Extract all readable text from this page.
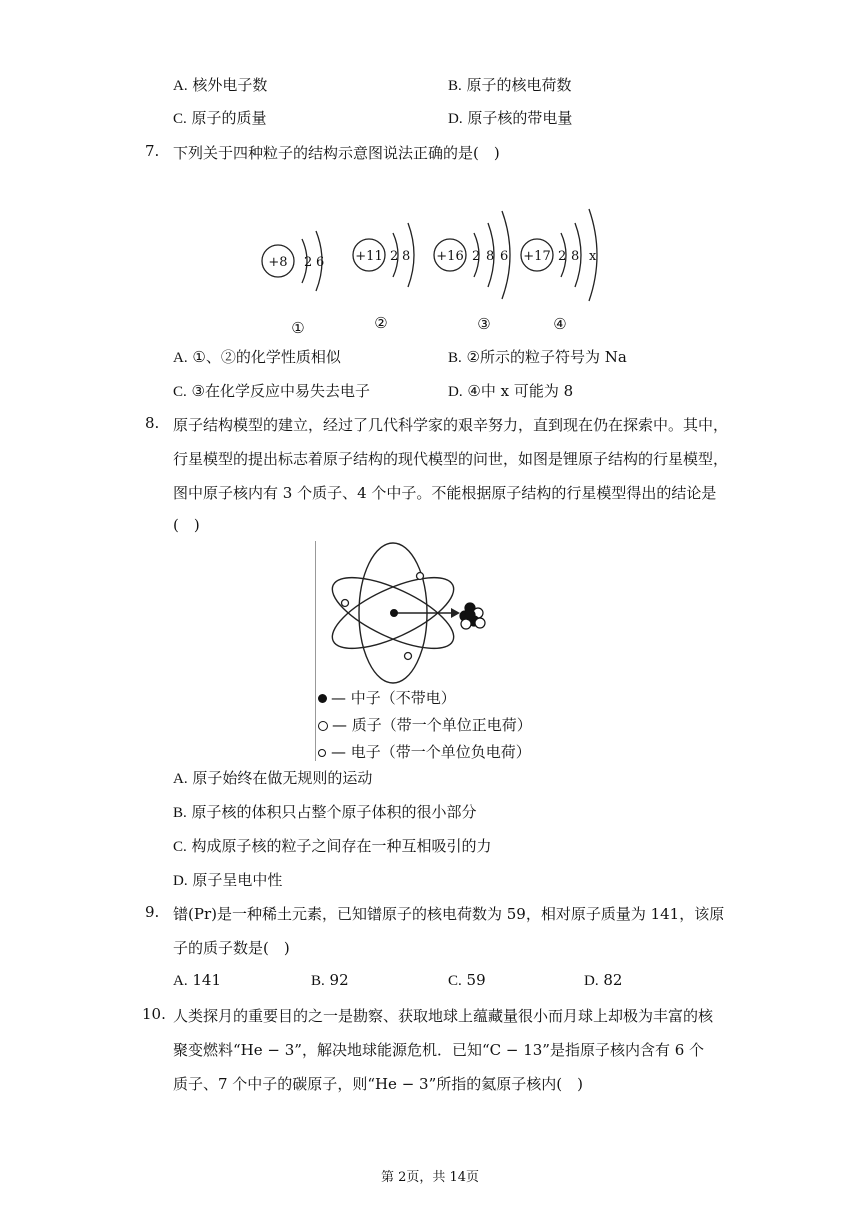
A. 核外电子数	B. 原子的核电荷数
C. 原子的质量	D. 原子核的带电量
7. 下列关于四种粒子的结构示意图说法正确的是( )
+8 2 6 +11 2 8 +16 2 8 6 +17 2 8 x
①	②	③	④
A. ①、②的化学性质相似	B. ②所示的粒子符号为 Na
C. ③在化学反应中易失去电子	D. ④中 x 可能为 8
8. 原子结构模型的建立，经过了几代科学家的艰辛努力，直到现在仍在探索中。其中，
行星模型的提出标志着原子结构的现代模型的问世，如图是锂原子结构的行星模型，
图中原子核内有 3 个质子、4 个中子。不能根据原子结构的行星模型得出的结论是
( )
— 中子（不带电）
— 质子（带一个单位正电荷）
— 电子（带一个单位负电荷）
A. 原子始终在做无规则的运动
B. 原子核的体积只占整个原子体积的很小部分
C. 构成原子核的粒子之间存在一种互相吸引的力
D. 原子呈电中性
9. 镨(Pr)是一种稀土元素，已知镨原子的核电荷数为 59，相对原子质量为 141，该原
子的质子数是( )
A. 141	B. 92	C. 59	D. 82
10. 人类探月的重要目的之一是勘察、获取地球上蕴藏量很小而月球上却极为丰富的核
聚变燃料“He − 3”，解决地球能源危机．已知“C − 13”是指原子核内含有 6 个
质子、7 个中子的碳原子，则“He − 3”所指的氦原子核内( )
第 2页，共 14页
